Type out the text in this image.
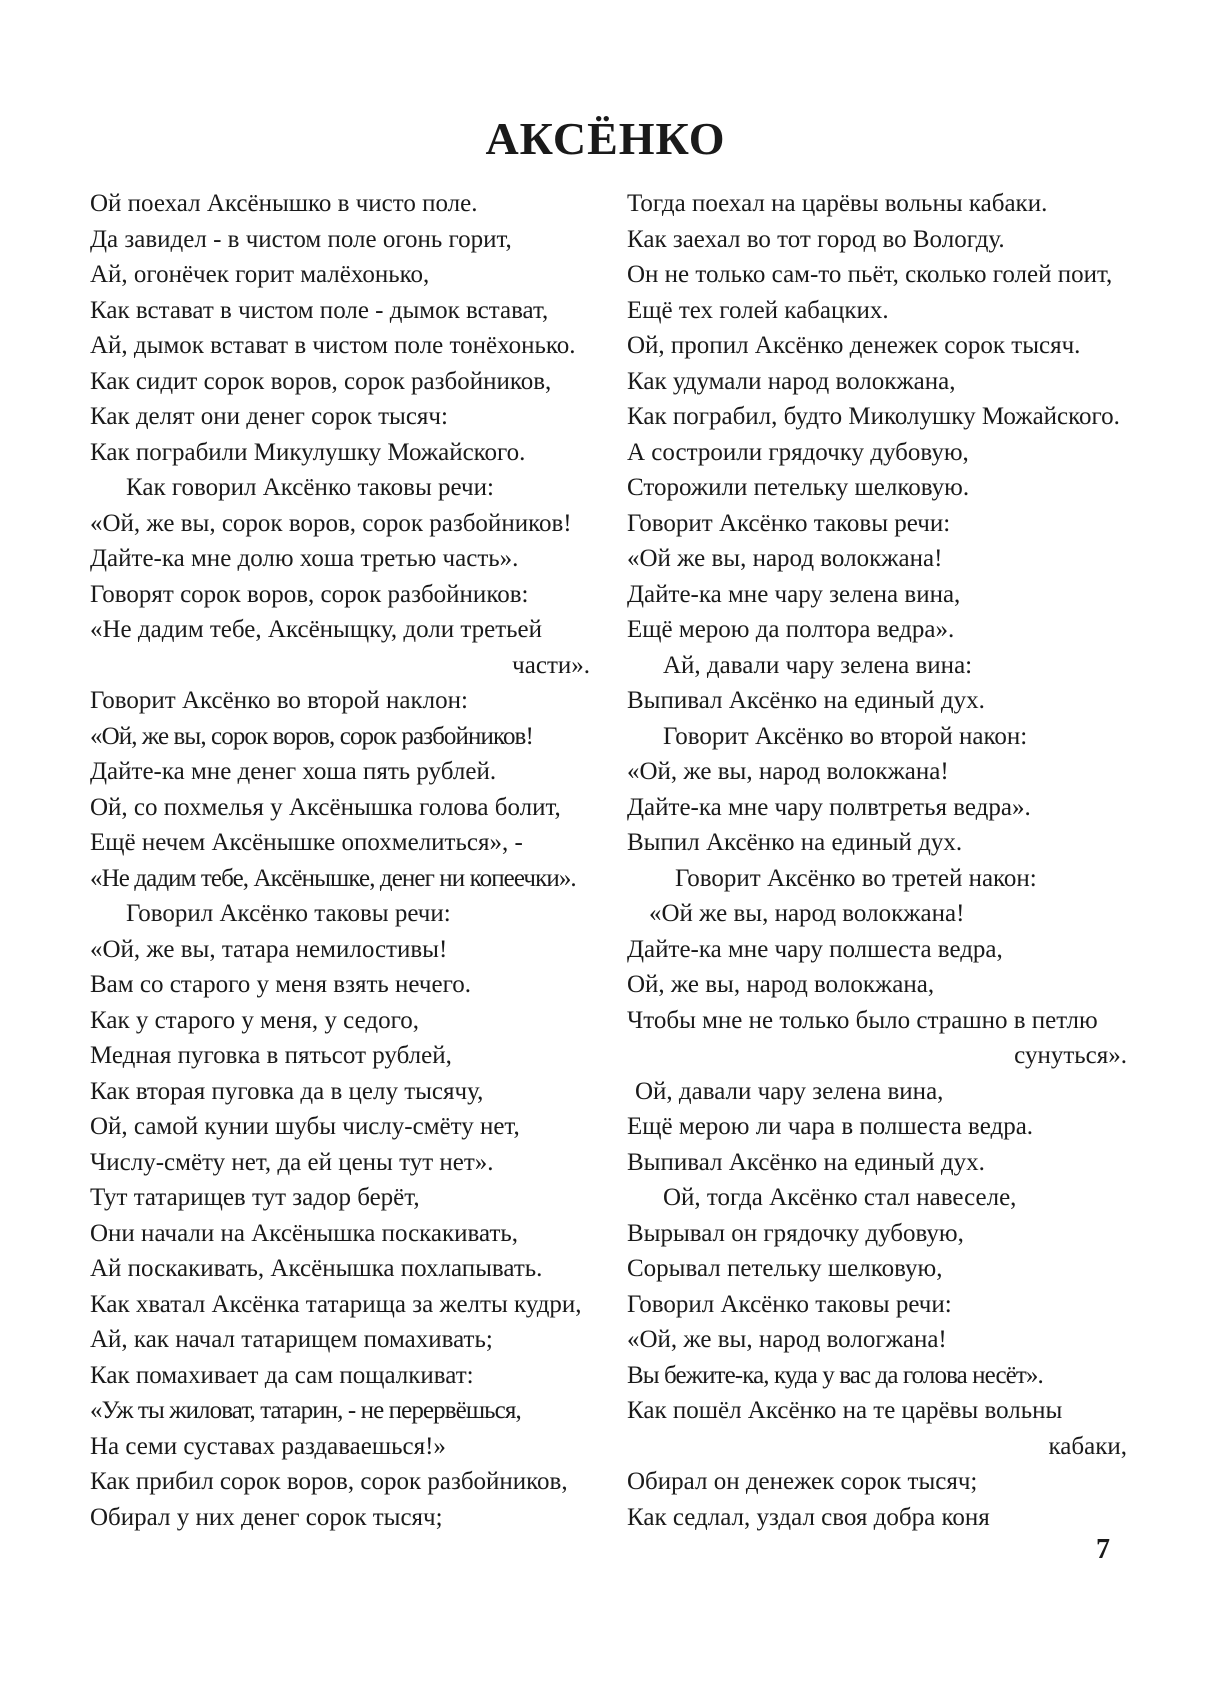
АКСЁНКО
Ой поехал Аксёнышко в чисто поле.
Да завидел - в чистом поле огонь горит,
Ай, огонёчек горит малёхонько,
Как встават в чистом поле - дымок встават,
Ай, дымок встават в чистом поле тонёхонько.
Как сидит сорок воров, сорок разбойников,
Как делят они денег сорок тысяч:
Как пограбили Микулушку Можайского.
Как говорил Аксёнко таковы речи:
«Ой, же вы, сорок воров, сорок разбойников!
Дайте-ка мне долю хоша третью часть».
Говорят сорок воров, сорок разбойников:
«Не дадим тебе, Аксёныщку, доли третьей
части».
Говорит Аксёнко во второй наклон:
«Ой, же вы, сорок воров, сорок разбойников!
Дайте-ка мне денег хоша пять рублей.
Ой, со похмелья у Аксёнышка голова болит,
Ещё нечем Аксёнышке опохмелиться», -
«Не дадим тебе, Аксёнышке, денег ни копеечки».
Говорил Аксёнко таковы речи:
«Ой, же вы, татара немилостивы!
Вам со старого у меня взять нечего.
Как у старого у меня, у седого,
Медная пуговка в пятьсот рублей,
Как вторая пуговка да в целу тысячу,
Ой, самой кунии шубы числу-смёту нет,
Числу-смёту нет, да ей цены тут нет».
Тут татарищев тут задор берёт,
Они начали на Аксёнышка поскакивать,
Ай поскакивать, Аксёнышка похлапывать.
Как хватал Аксёнка татарища за желты кудри,
Ай, как начал татарищем помахивать;
Как помахивает да сам пощалкиват:
«Уж ты жиловат, татарин, - не перервёшься,
На семи суставах раздаваешься!»
Как прибил сорок воров, сорок разбойников,
Обирал у них денег сорок тысяч;
Тогда поехал на царёвы вольны кабаки.
Как заехал во тот город во Вологду.
Он не только сам-то пьёт, сколько голей поит,
Ещё тех голей кабацких.
Ой, пропил Аксёнко денежек сорок тысяч.
Как удумали народ волокжана,
Как пограбил, будто Миколушку Можайского.
А состроили грядочку дубовую,
Сторожили петельку шелковую.
Говорит Аксёнко таковы речи:
«Ой же вы, народ волокжана!
Дайте-ка мне чару зелена вина,
Ещё мерою да полтора ведра».
Ай, давали чару зелена вина:
Выпивал Аксёнко на единый дух.
Говорит Аксёнко во второй након:
«Ой, же вы, народ волокжана!
Дайте-ка мне чару полвтретья ведра».
Выпил Аксёнко на единый дух.
Говорит Аксёнко во третей након:
«Ой же вы, народ волокжана!
Дайте-ка мне чару полшеста ведра,
Ой, же вы, народ волокжана,
Чтобы мне не только было страшно в петлю
сунуться».
Ой, давали чару зелена вина,
Ещё мерою ли чара в полшеста ведра.
Выпивал Аксёнко на единый дух.
Ой, тогда Аксёнко стал навеселе,
Вырывал он грядочку дубовую,
Сорывал петельку шелковую,
Говорил Аксёнко таковы речи:
«Ой, же вы, народ вологжана!
Вы бежите-ка, куда у вас да голова несёт».
Как пошёл Аксёнко на те царёвы вольны
кабаки,
Обирал он денежек сорок тысяч;
Как седлал, уздал своя добра коня

7
